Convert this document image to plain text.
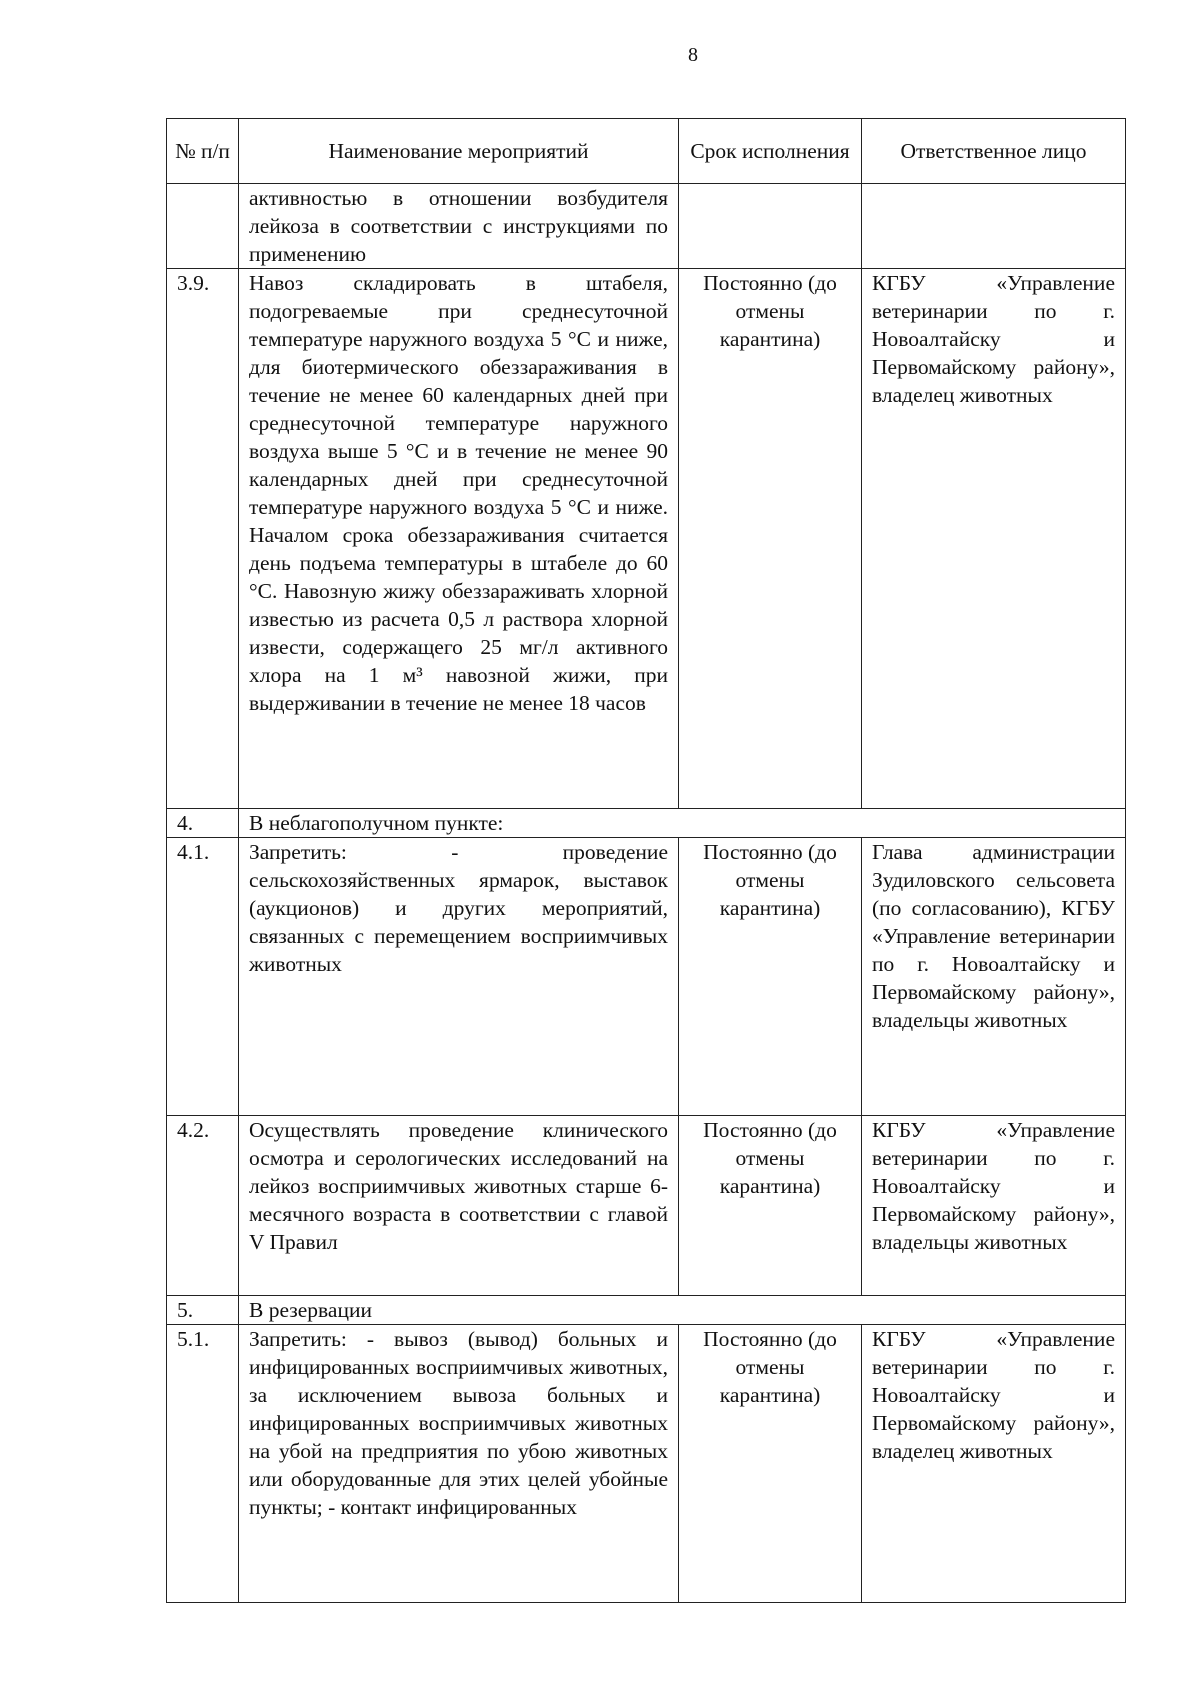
8
№ п/п	Наименование мероприятий	Срок исполнения	Ответственное лицо
	активностью в отношении возбудителя лейкоза в соответствии с инструкциями по применению		
3.9.	Навоз складировать в штабеля, подогреваемые при среднесуточной температуре наружного воздуха 5 °С и ниже, для биотермического обеззараживания в течение не менее 60 календарных дней при среднесуточной температуре наружного воздуха выше 5 °С и в течение не менее 90 календарных дней при среднесуточной температуре наружного воздуха 5 °С и ниже. Началом срока обеззараживания считается день подъема температуры в штабеле до 60 °С. Навозную жижу обеззараживать хлорной известью из расчета 0,5 л раствора хлорной извести, содержащего 25 мг/л активного хлора на 1 м³ навозной жижи, при выдерживании в течение не менее 18 часов	Постоянно (до отмены карантина)	КГБУ «Управление ветеринарии по г. Новоалтайску и Первомайскому району», владелец животных
4.	В неблагополучном пункте:		
4.1.	Запретить: - проведение сельскохозяйственных ярмарок, выставок (аукционов) и других мероприятий, связанных с перемещением восприимчивых животных	Постоянно (до отмены карантина)	Глава администрации Зудиловского сельсовета (по согласованию), КГБУ «Управление ветеринарии по г. Новоалтайску и Первомайскому району», владельцы животных
4.2.	Осуществлять проведение клинического осмотра и серологических исследований на лейкоз восприимчивых животных старше 6-месячного возраста в соответствии с главой V Правил	Постоянно (до отмены карантина)	КГБУ «Управление ветеринарии по г. Новоалтайску и Первомайскому району», владельцы животных
5.	В резервации		
5.1.	Запретить: - вывоз (вывод) больных и инфицированных восприимчивых животных, за исключением вывоза больных и инфицированных восприимчивых животных на убой на предприятия по убою животных или оборудованные для этих целей убойные пункты; - контакт инфицированных	Постоянно (до отмены карантина)	КГБУ «Управление ветеринарии по г. Новоалтайску и Первомайскому району», владелец животных
